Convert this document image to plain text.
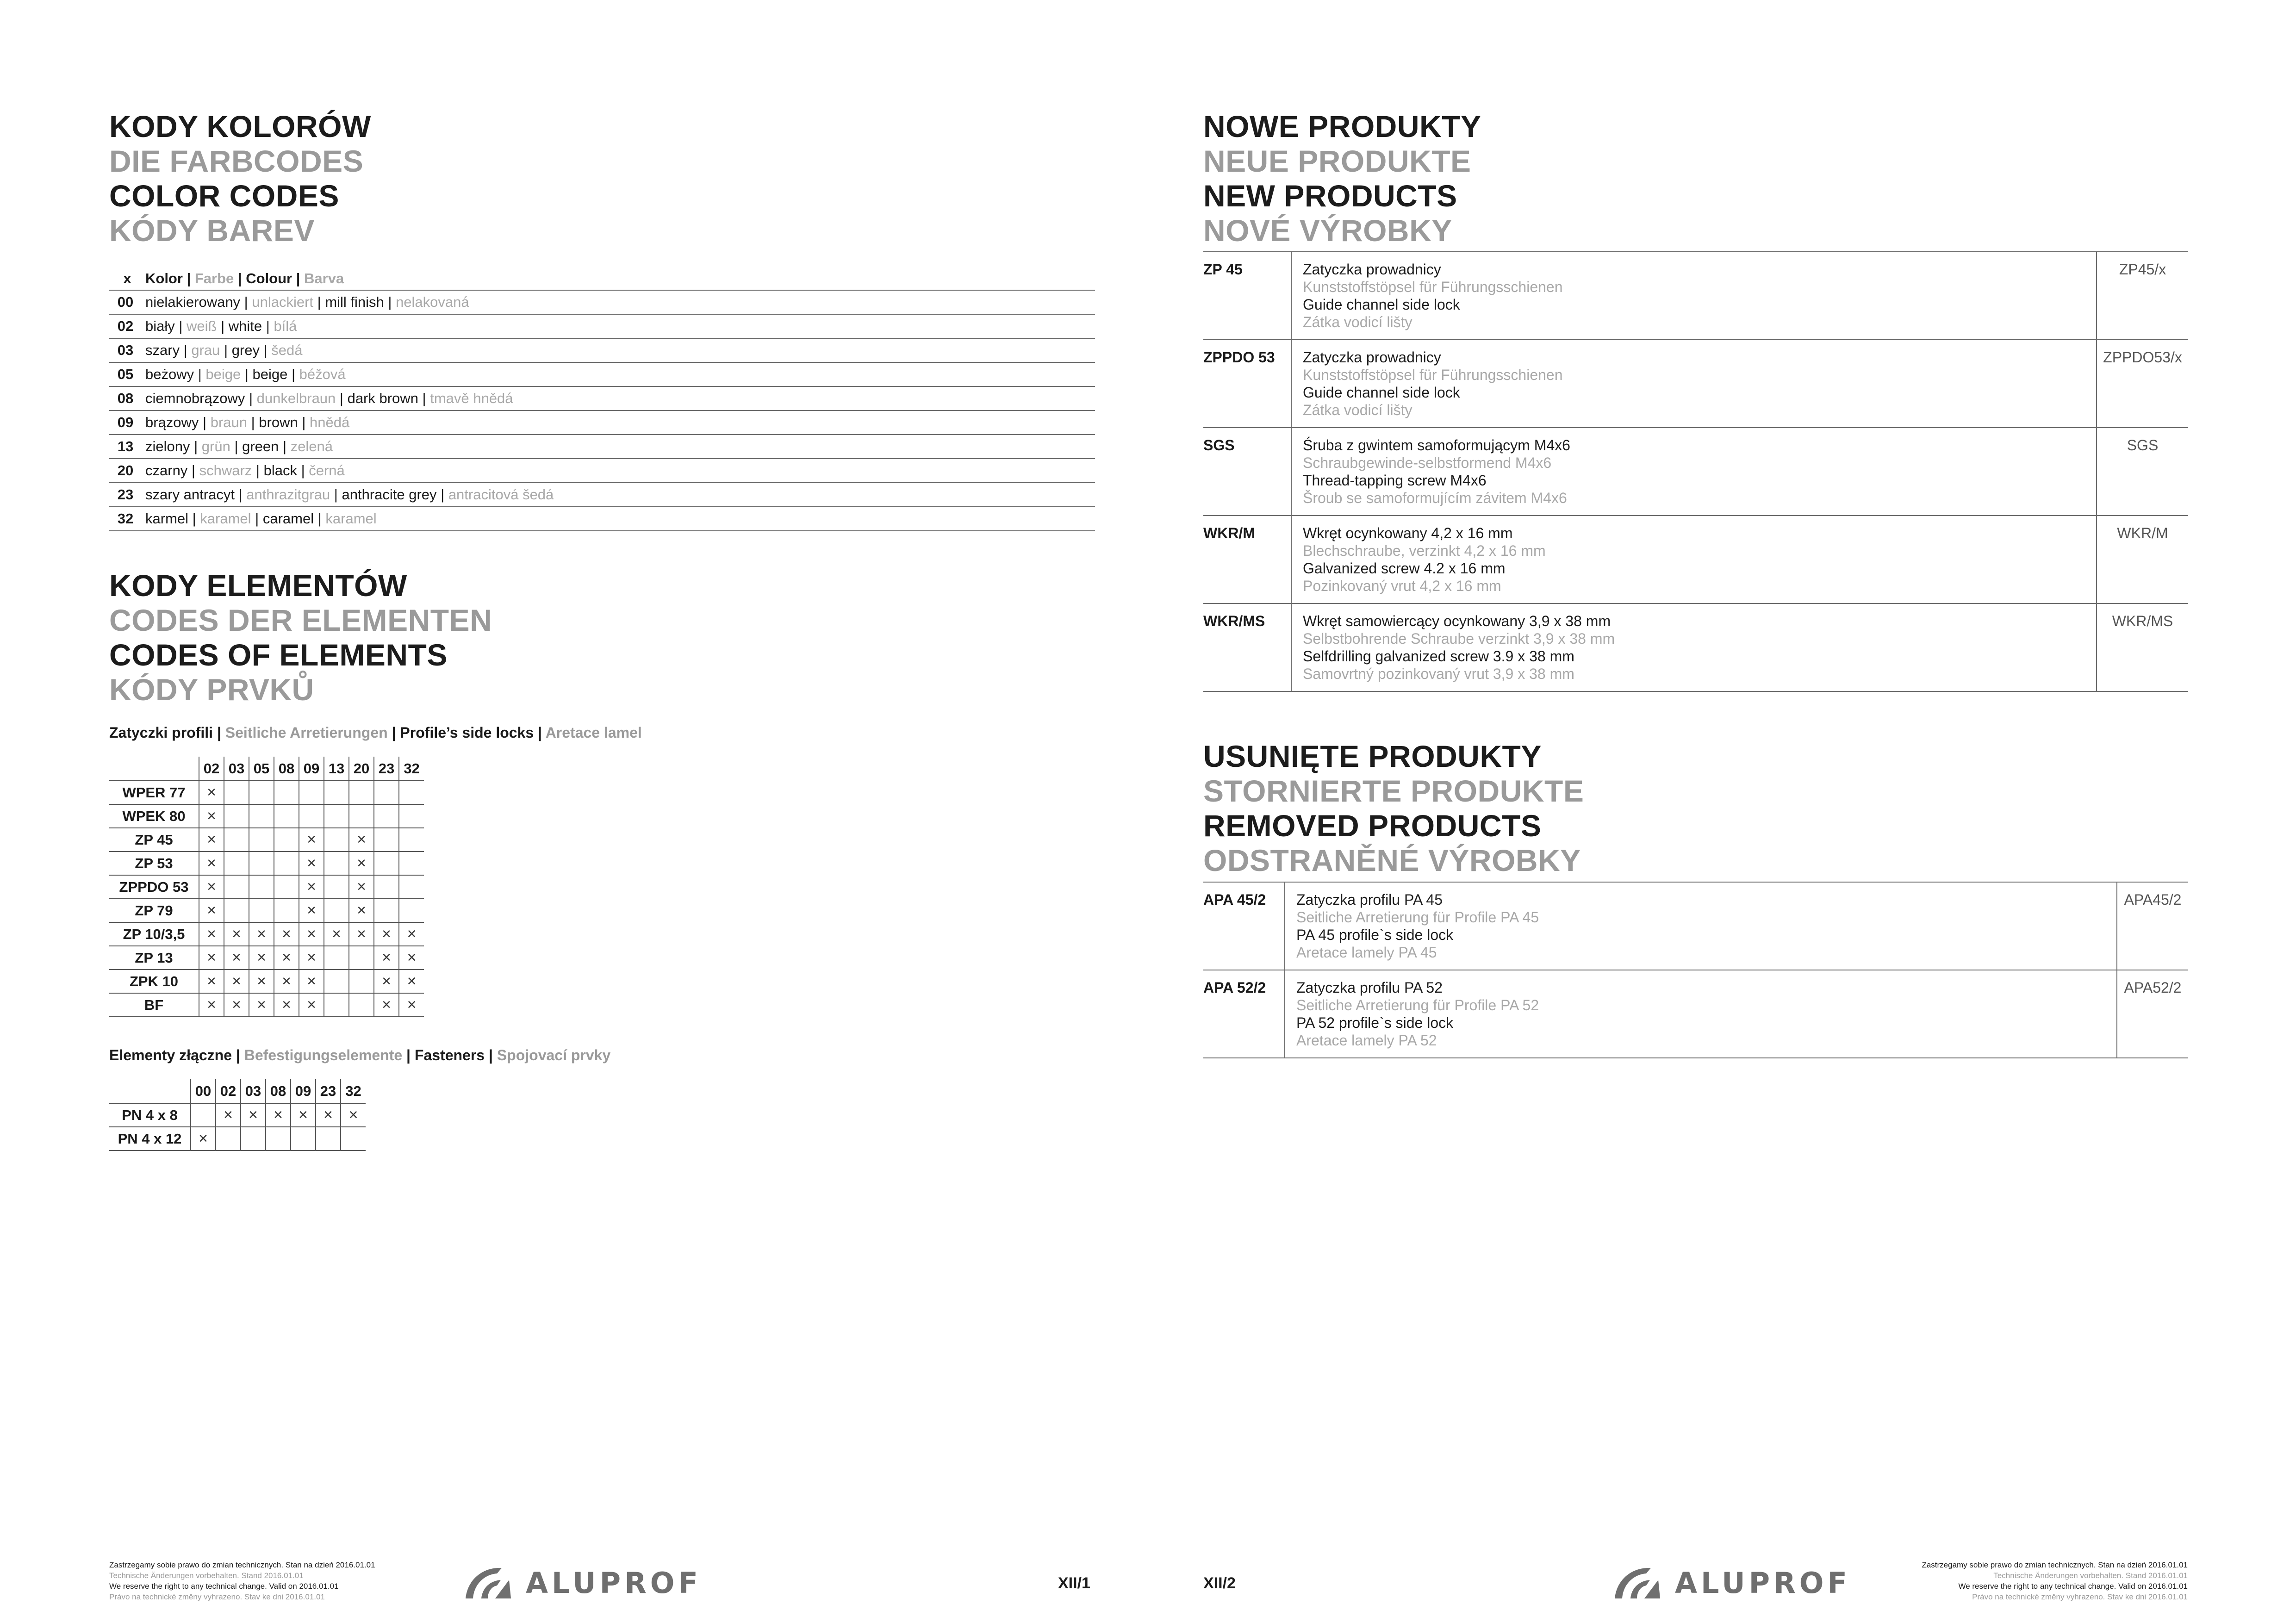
KODY KOLORÓW
DIE FARBCODES
COLOR CODES
KÓDY BAREV
x	Kolor | Farbe | Colour | Barva
00	nielakierowany | unlackiert | mill finish | nelakovaná
02	biały | weiß | white | bílá
03	szary | grau | grey | šedá
05	beżowy | beige | beige | béžová
08	ciemnobrązowy | dunkelbraun | dark brown | tmavě hnědá
09	brązowy | braun | brown | hnědá
13	zielony | grün | green | zelená
20	czarny | schwarz | black | černá
23	szary antracyt | anthrazitgrau | anthracite grey | antracitová šedá
32	karmel | karamel | caramel | karamel
KODY ELEMENTÓW
CODES DER ELEMENTEN
CODES OF ELEMENTS
KÓDY PRVKŮ
Zatyczki profili | Seitliche Arretierungen | Profile’s side locks | Aretace lamel
	02	03	05	08	09	13	20	23	32
WPER 77	×								
WPEK 80	×								
ZP 45	×				×		×		
ZP 53	×				×		×		
ZPPDO 53	×				×		×		
ZP 79	×				×		×		
ZP 10/3,5	×	×	×	×	×	×	×	×	×
ZP 13	×	×	×	×	×			×	×
ZPK 10	×	×	×	×	×			×	×
BF	×	×	×	×	×			×	×
Elementy złączne | Befestigungselemente | Fasteners | Spojovací prvky
	00	02	03	08	09	23	32
PN 4 x 8		×	×	×	×	×	×
PN 4 x 12	×						
Zastrzegamy sobie prawo do zmian technicznych. Stan na dzień 2016.01.01
Technische Änderungen vorbehalten. Stand 2016.01.01
We reserve the right to any technical change. Valid on 2016.01.01
Právo na technické změny vyhrazeno. Stav ke dni 2016.01.01	ALUPROF	XII/1
NOWE PRODUKTY
NEUE PRODUKTE
NEW PRODUCTS
NOVÉ VÝROBKY
ZP 45	Zatyczka prowadnicy
Kunststoffstöpsel für Führungsschienen
Guide channel side lock
Zátka vodicí lišty	ZP45/x
ZPPDO 53	Zatyczka prowadnicy
Kunststoffstöpsel für Führungsschienen
Guide channel side lock
Zátka vodicí lišty	ZPPDO53/x
SGS	Śruba z gwintem samoformującym M4x6
Schraubgewinde-selbstformend M4x6
Thread-tapping screw M4x6
Šroub se samoformujícím závitem M4x6	SGS
WKR/M	Wkręt ocynkowany 4,2 x 16 mm
Blechschraube, verzinkt 4,2 x 16 mm
Galvanized screw 4.2 x 16 mm
Pozinkovaný vrut 4,2 x 16 mm	WKR/M
WKR/MS	Wkręt samowiercący ocynkowany 3,9 x 38 mm
Selbstbohrende Schraube verzinkt 3,9 x 38 mm
Selfdrilling galvanized screw 3.9 x 38 mm
Samovrtný pozinkovaný vrut 3,9 x 38 mm	WKR/MS
USUNIĘTE PRODUKTY
STORNIERTE PRODUKTE
REMOVED PRODUCTS
ODSTRANĚNÉ VÝROBKY
APA 45/2	Zatyczka profilu PA 45
Seitliche Arretierung für Profile PA 45
PA 45 profile`s side lock
Aretace lamely PA 45	APA45/2
APA 52/2	Zatyczka profilu PA 52
Seitliche Arretierung für Profile PA 52
PA 52 profile`s side lock
Aretace lamely PA 52	APA52/2
XII/2	ALUPROF
Zastrzegamy sobie prawo do zmian technicznych. Stan na dzień 2016.01.01
Technische Änderungen vorbehalten. Stand 2016.01.01
We reserve the right to any technical change. Valid on 2016.01.01
Právo na technické změny vyhrazeno. Stav ke dni 2016.01.01
